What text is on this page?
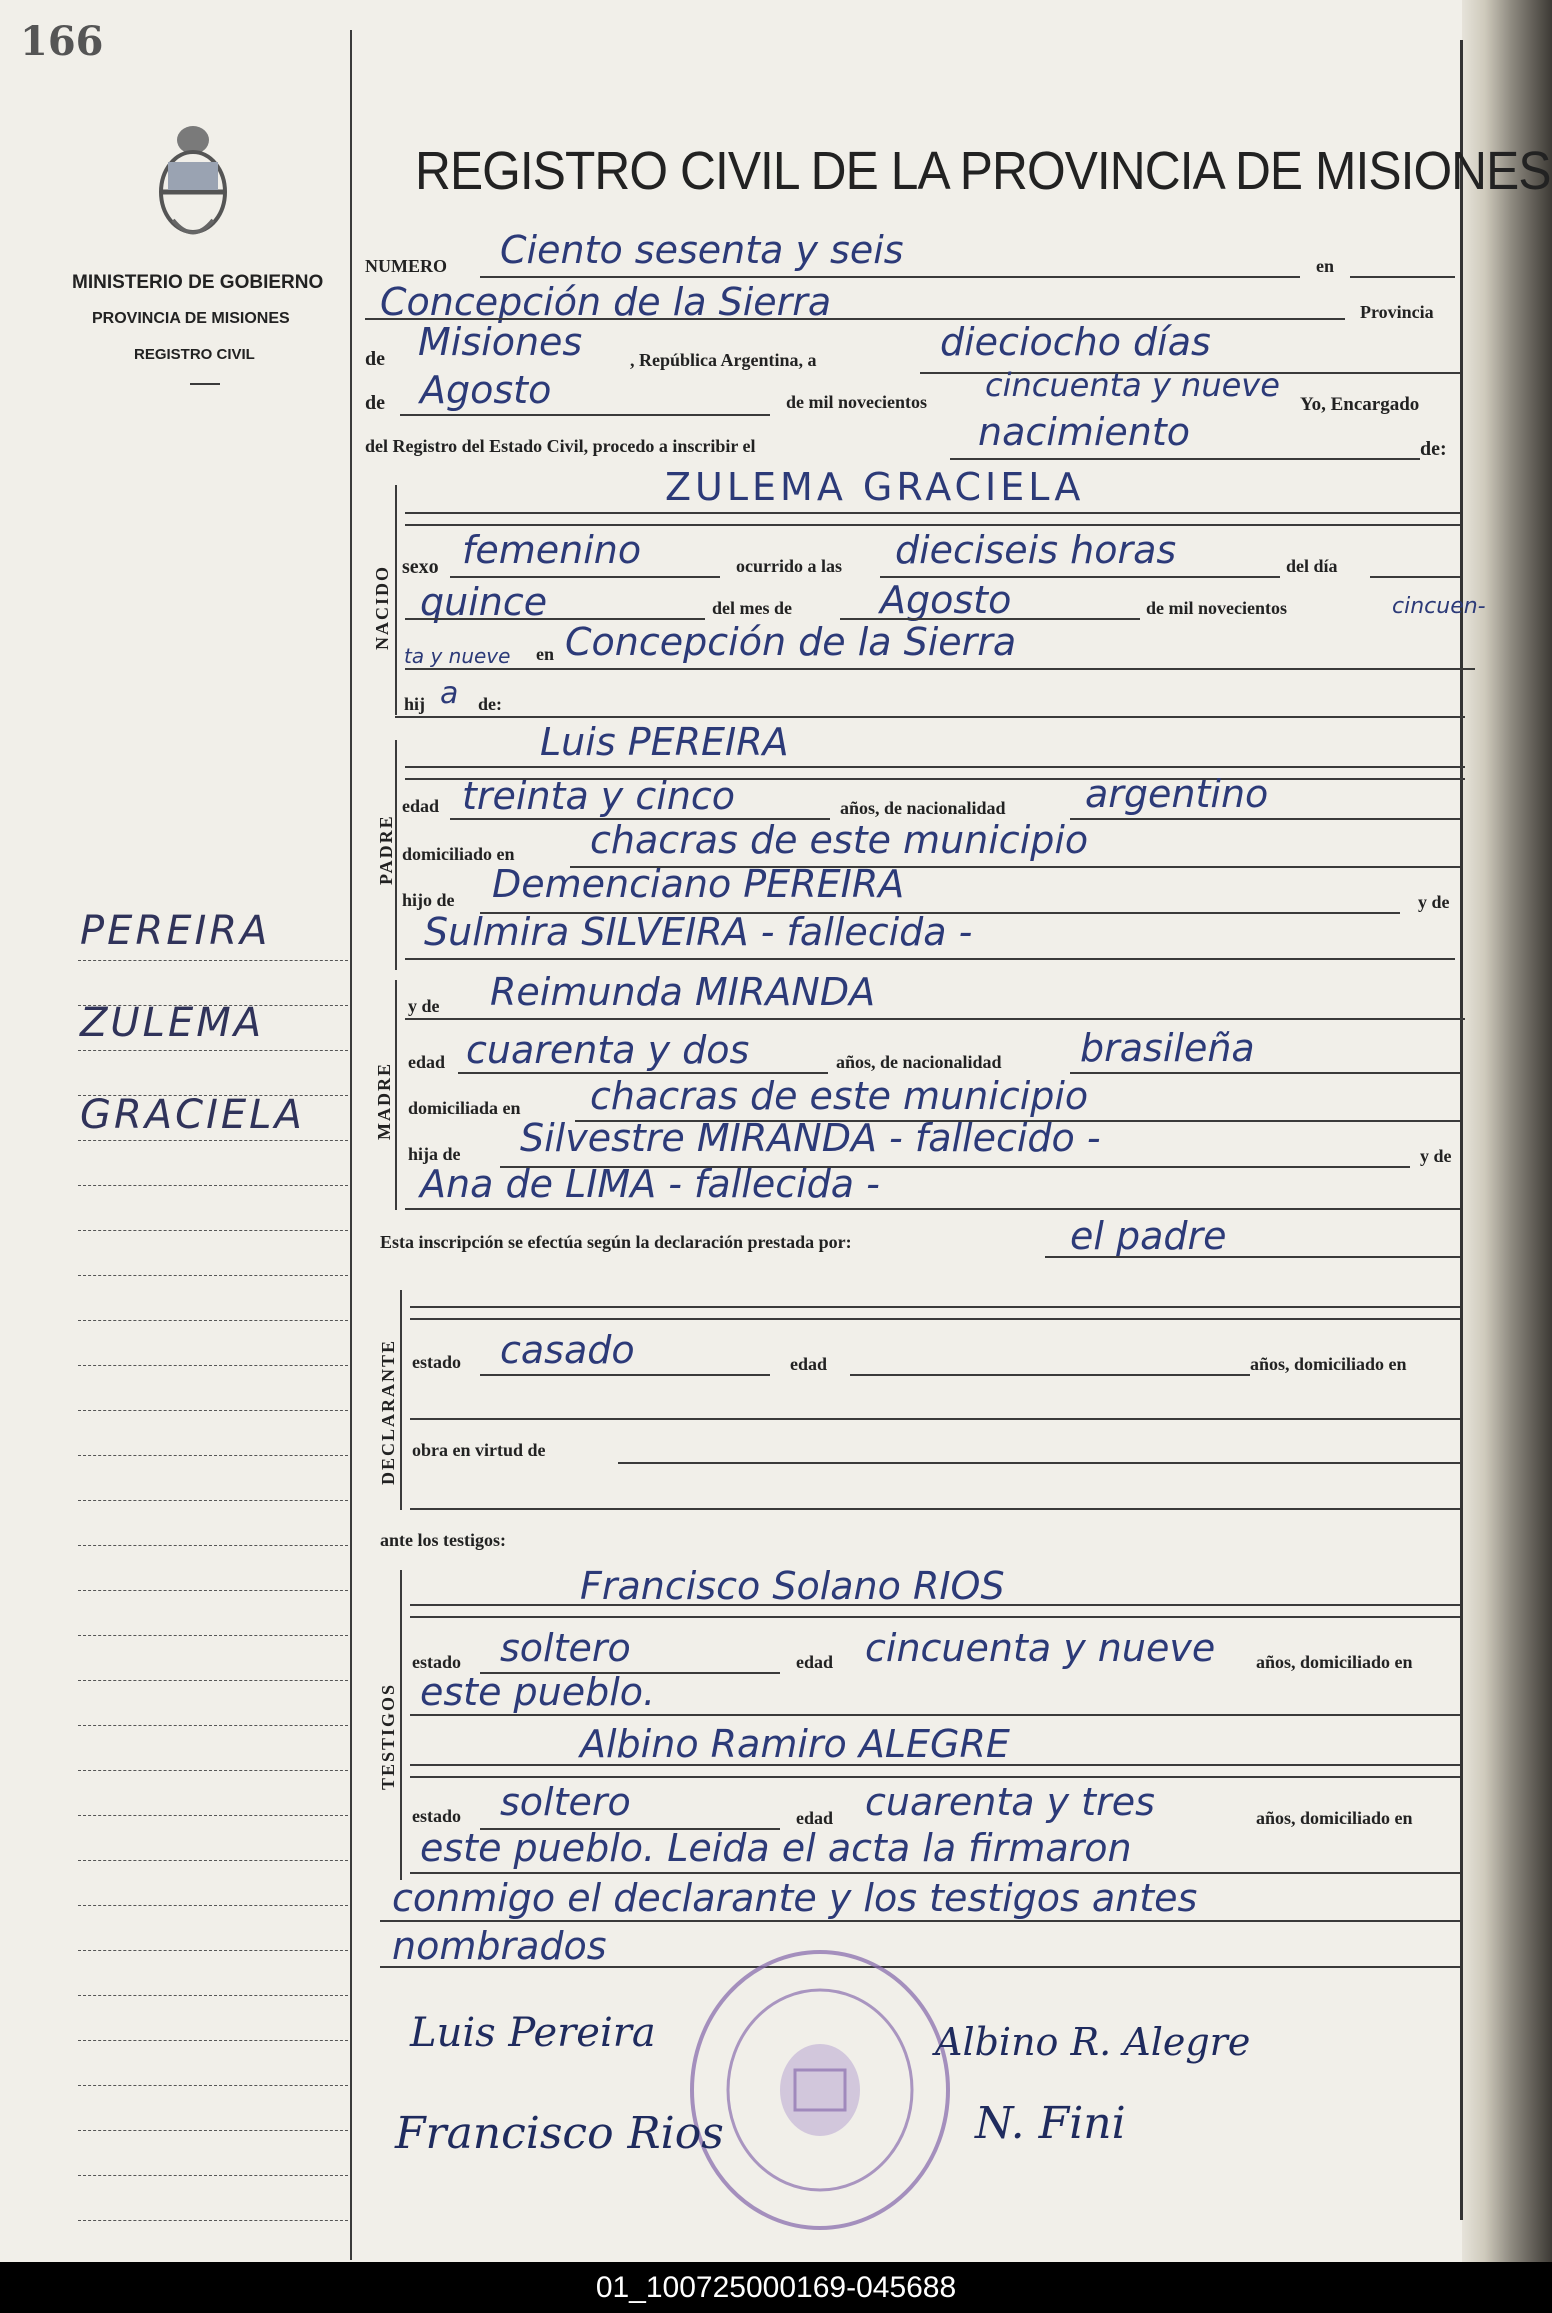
166
MINISTERIO DE GOBIERNO
PROVINCIA DE MISIONES
REGISTRO CIVIL
REGISTRO CIVIL DE LA PROVINCIA DE MISIONES
PEREIRA
ZULEMA
GRACIELA
NUMERO Ciento sesenta y seis	en
Concepción de la Sierra	Provincia
de Misiones	, República Argentina, a	dieciocho días
de Agosto	de mil novecientos cincuenta y nueve
Yo, Encargado
del Registro del Estado Civil, procedo a inscribir el	nacimiento	de:
NACIDO
ZULEMA GRACIELA
sexo femenino	ocurrido a las dieciseis horas	del día
quince	del mes de Agosto	de mil novecientos	cincuen-
ta y nueve en Concepción de la Sierra
hij a de:
PADRE
Luis PEREIRA
edad treinta y cinco	años, de nacionalidad argentino
domiciliado en chacras de este municipio
hijo de Demenciano PEREIRA	y de
Sulmira SILVEIRA - fallecida -
y de Reimunda MIRANDA
MADRE edad cuarenta y dos	años, de nacionalidad brasileña
domiciliada en chacras de este municipio
hija de Silvestre MIRANDA - fallecido -	y de
Ana de LIMA - fallecida -
Esta inscripción se efectúa según la declaración prestada por:	el padre
DECLARANTE estado casado	edad	años, domiciliado en
obra en virtud de
ante los testigos:
TESTIGOS
Francisco Solano RIOS
estado soltero	edad cincuenta y nueve años, domiciliado en
este pueblo.
Albino Ramiro ALEGRE
estado soltero	edad cuarenta y tres	años, domiciliado en
este pueblo. Leida el acta la firmaron
conmigo el declarante y los testigos antes
nombrados
Luis Pereira	Albino R. Alegre
Francisco Rios	N. Fini
01_100725000169-045688
